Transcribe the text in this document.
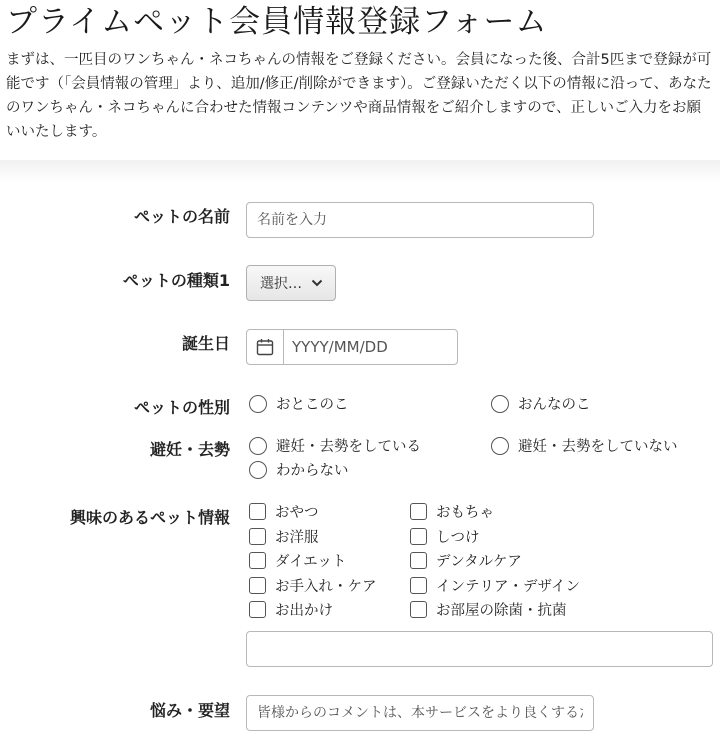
プライムペット会員情報登録フォーム

まずは、一匹目のワンちゃん・ネコちゃんの情報をご登録ください。会員になった後、合計5匹まで登録が可能です（「会員情報の管理」より、追加/修正/削除ができます）。ご登録いただく以下の情報に沿って、あなたのワンちゃん・ネコちゃんに合わせた情報コンテンツや商品情報をご紹介しますので、正しいご入力をお願いいたします。

ペットの名前
名前を入力
ペットの種類1 選択…
誕生日
YYYY/MM/DD
ペットの性別	おとこのこ	おんなのこ
避妊・去勢	避妊・去勢をしている	避妊・去勢をしていない
わからない
興味のあるペット情報	おやつ	おもちゃ
お洋服	しつけ
ダイエット	デンタルケア
お手入れ・ケア	インテリア・デザイン
お出かけ	お部屋の除菌・抗菌
悩み・要望
皆様からのコメントは、本サービスをより良くするために活用させていただきます
